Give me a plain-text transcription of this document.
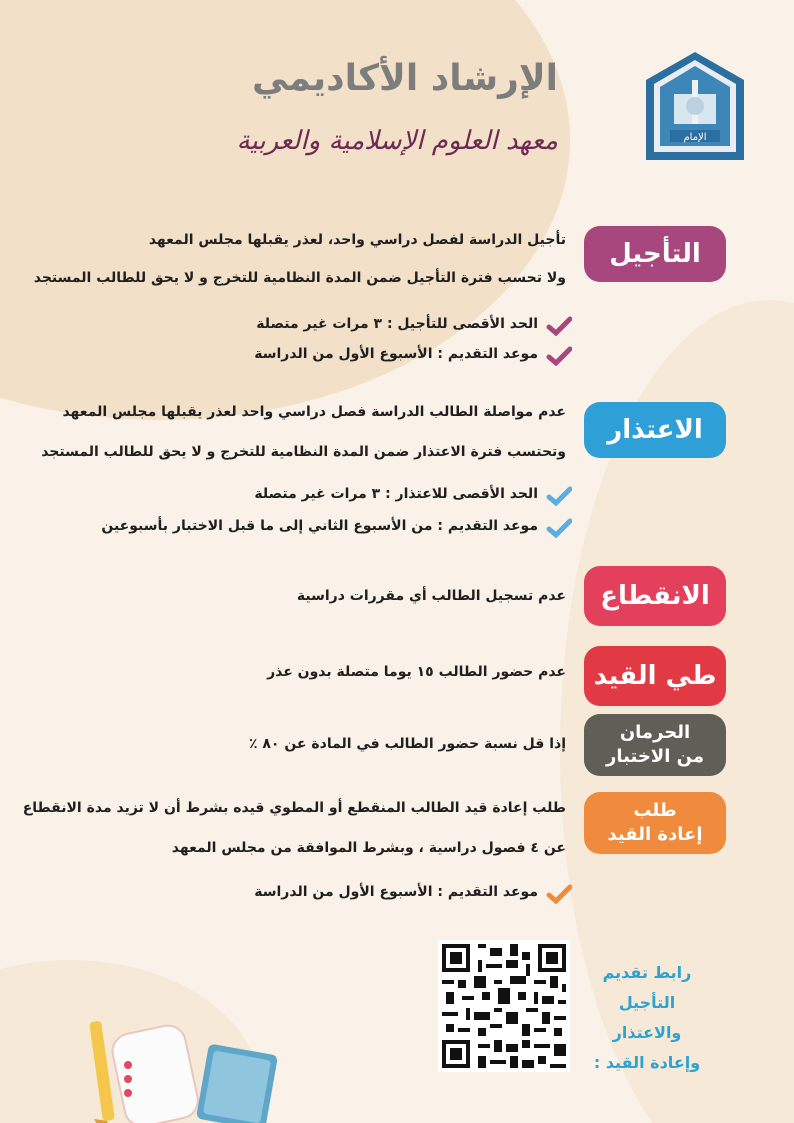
الإرشاد الأكاديمي
معهد العلوم الإسلامية والعربية	الإمام
التأجيل
تأجيل الدراسة لفصل دراسي واحد، لعذر يقبلها مجلس المعهد
ولا تحسب فترة التأجيل ضمن المدة النظامية للتخرج و لا يحق للطالب المستجد
الحد الأقصى للتأجيل : ٣ مرات غير متصلة
موعد التقديم : الأسبوع الأول من الدراسة
الاعتذار
عدم مواصلة الطالب الدراسة فصل دراسي واحد لعذر يقبلها مجلس المعهد
وتحتسب فترة الاعتذار ضمن المدة النظامية للتخرج و لا يحق للطالب المستجد
الحد الأقصى للاعتذار : ٣ مرات غير متصلة
موعد التقديم : من الأسبوع الثاني إلى ما قبل الاختبار بأسبوعين
الانقطاع
عدم تسجيل الطالب أي مقررات دراسية
طي القيد
عدم حضور الطالب ١٥ يوما متصلة بدون عذر
الحرمان
من الاختبار
إذا قل نسبة حضور الطالب في المادة عن ٨٠ ٪
طلب
إعادة القيد
طلب إعادة قيد الطالب المنقطع أو المطوي قيده بشرط أن لا تزيد مدة الانقطاع
عن ٤ فصول دراسية ، وبشرط الموافقة من مجلس المعهد
موعد التقديم : الأسبوع الأول من الدراسة
رابط تقديم
التأجيل والاعتذار
وإعادة القيد :
